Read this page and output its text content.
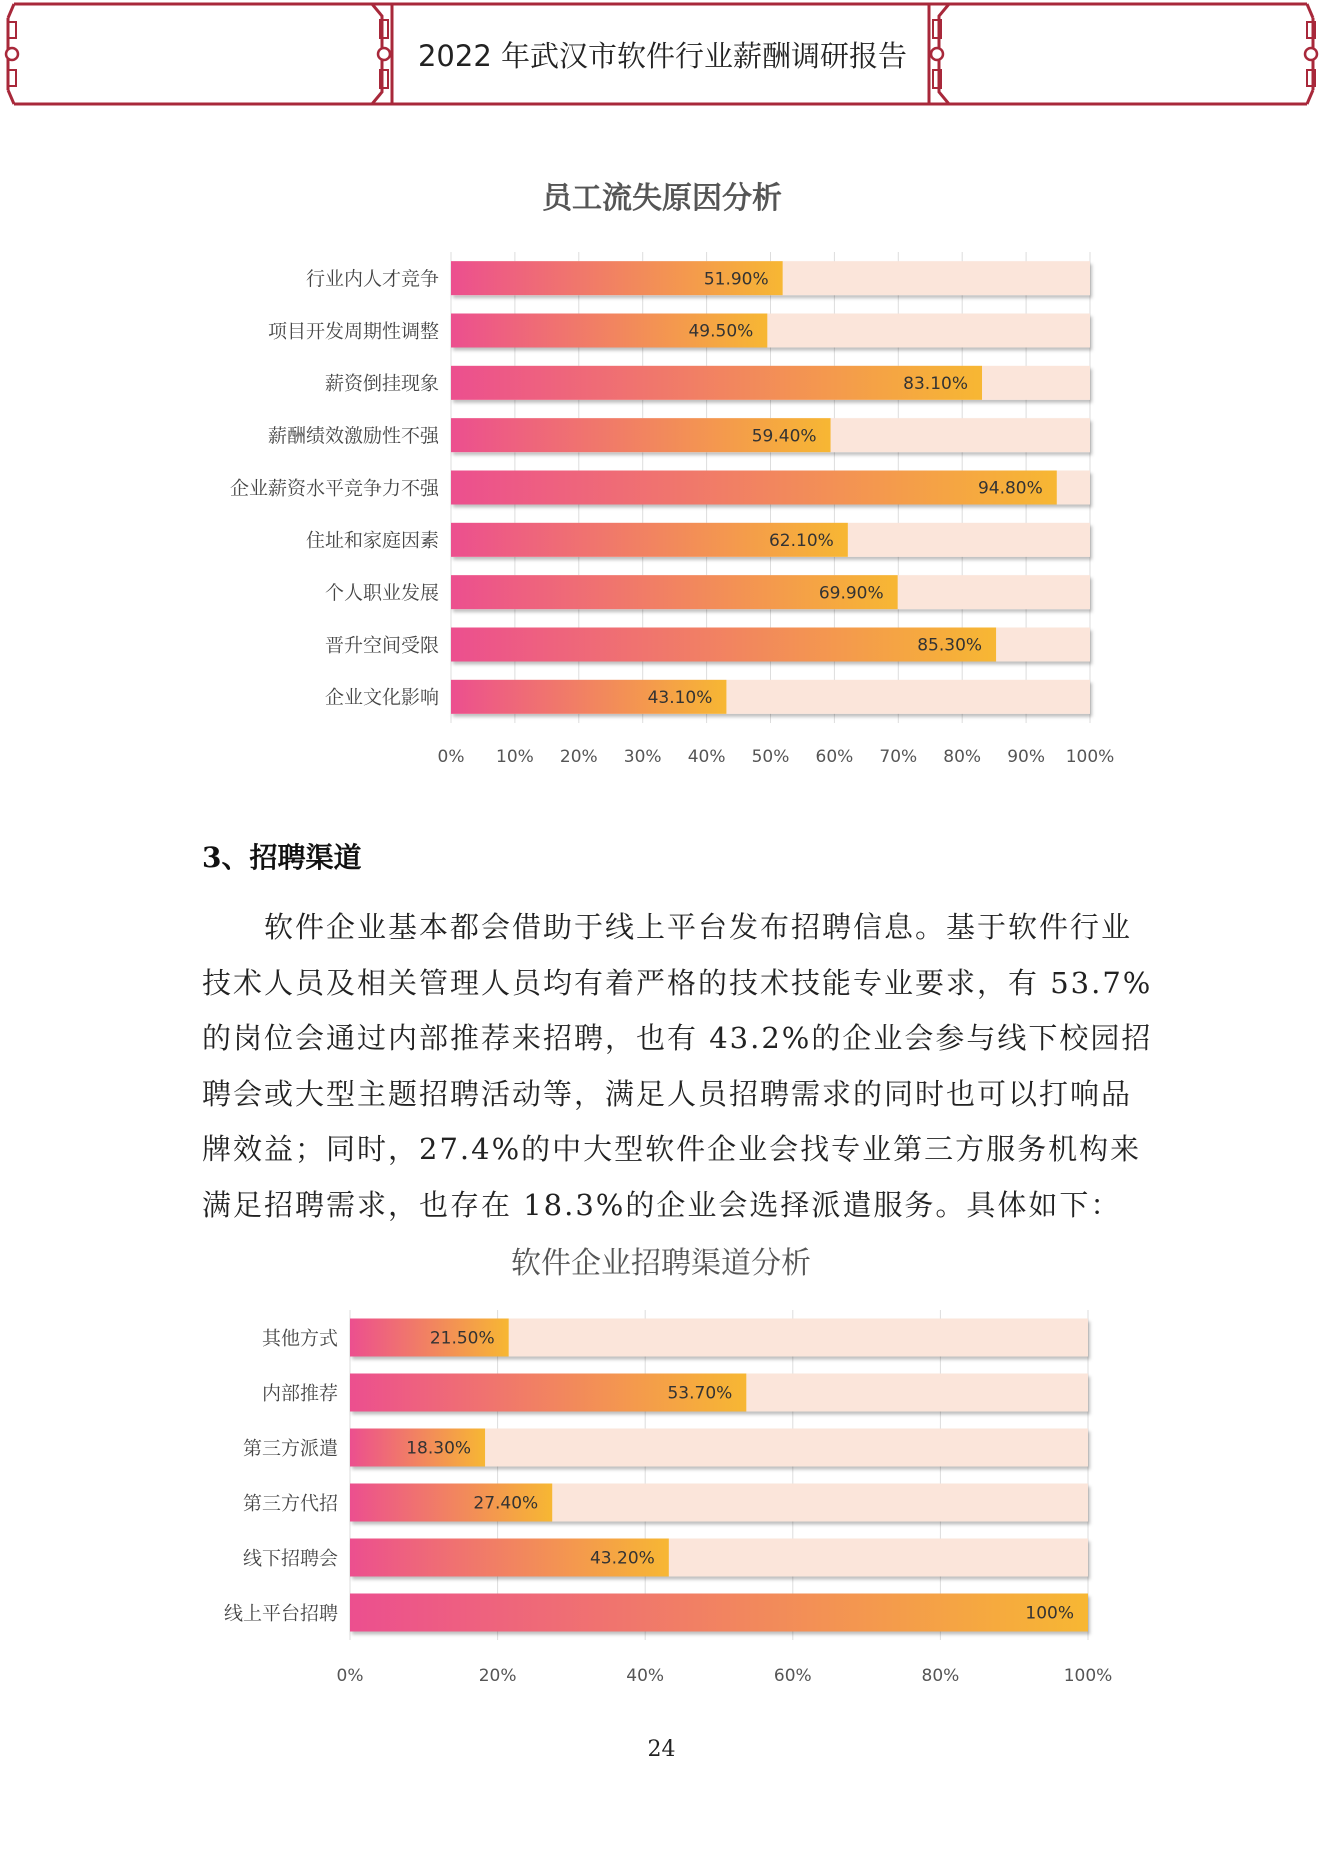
2022 年武汉市软件行业薪酬调研报告
员工流失原因分析
0% 10% 20% 30% 40% 50% 60% 70% 80% 90% 100%
51.90%
行业内人才竞争
49.50%
项目开发周期性调整
83.10%
薪资倒挂现象
59.40%
薪酬绩效激励性不强
94.80%
企业薪资水平竞争力不强
62.10%
住址和家庭因素
69.90%
个人职业发展
85.30%
晋升空间受限
43.10%
企业文化影响
3、招聘渠道
　　软件企业基本都会借助于线上平台发布招聘信息。基于软件行业
技术人员及相关管理人员均有着严格的技术技能专业要求，有 53.7%
的岗位会通过内部推荐来招聘，也有 43.2%的企业会参与线下校园招
聘会或大型主题招聘活动等，满足人员招聘需求的同时也可以打响品
牌效益；同时，27.4%的中大型软件企业会找专业第三方服务机构来
满足招聘需求，也存在 18.3%的企业会选择派遣服务。具体如下：
软件企业招聘渠道分析
0%	20%	40%	60%	80%	100%
21.50%
其他方式
53.70%
内部推荐
18.30%
第三方派遣
27.40%
第三方代招
43.20%
线下招聘会
100%
线上平台招聘
24
